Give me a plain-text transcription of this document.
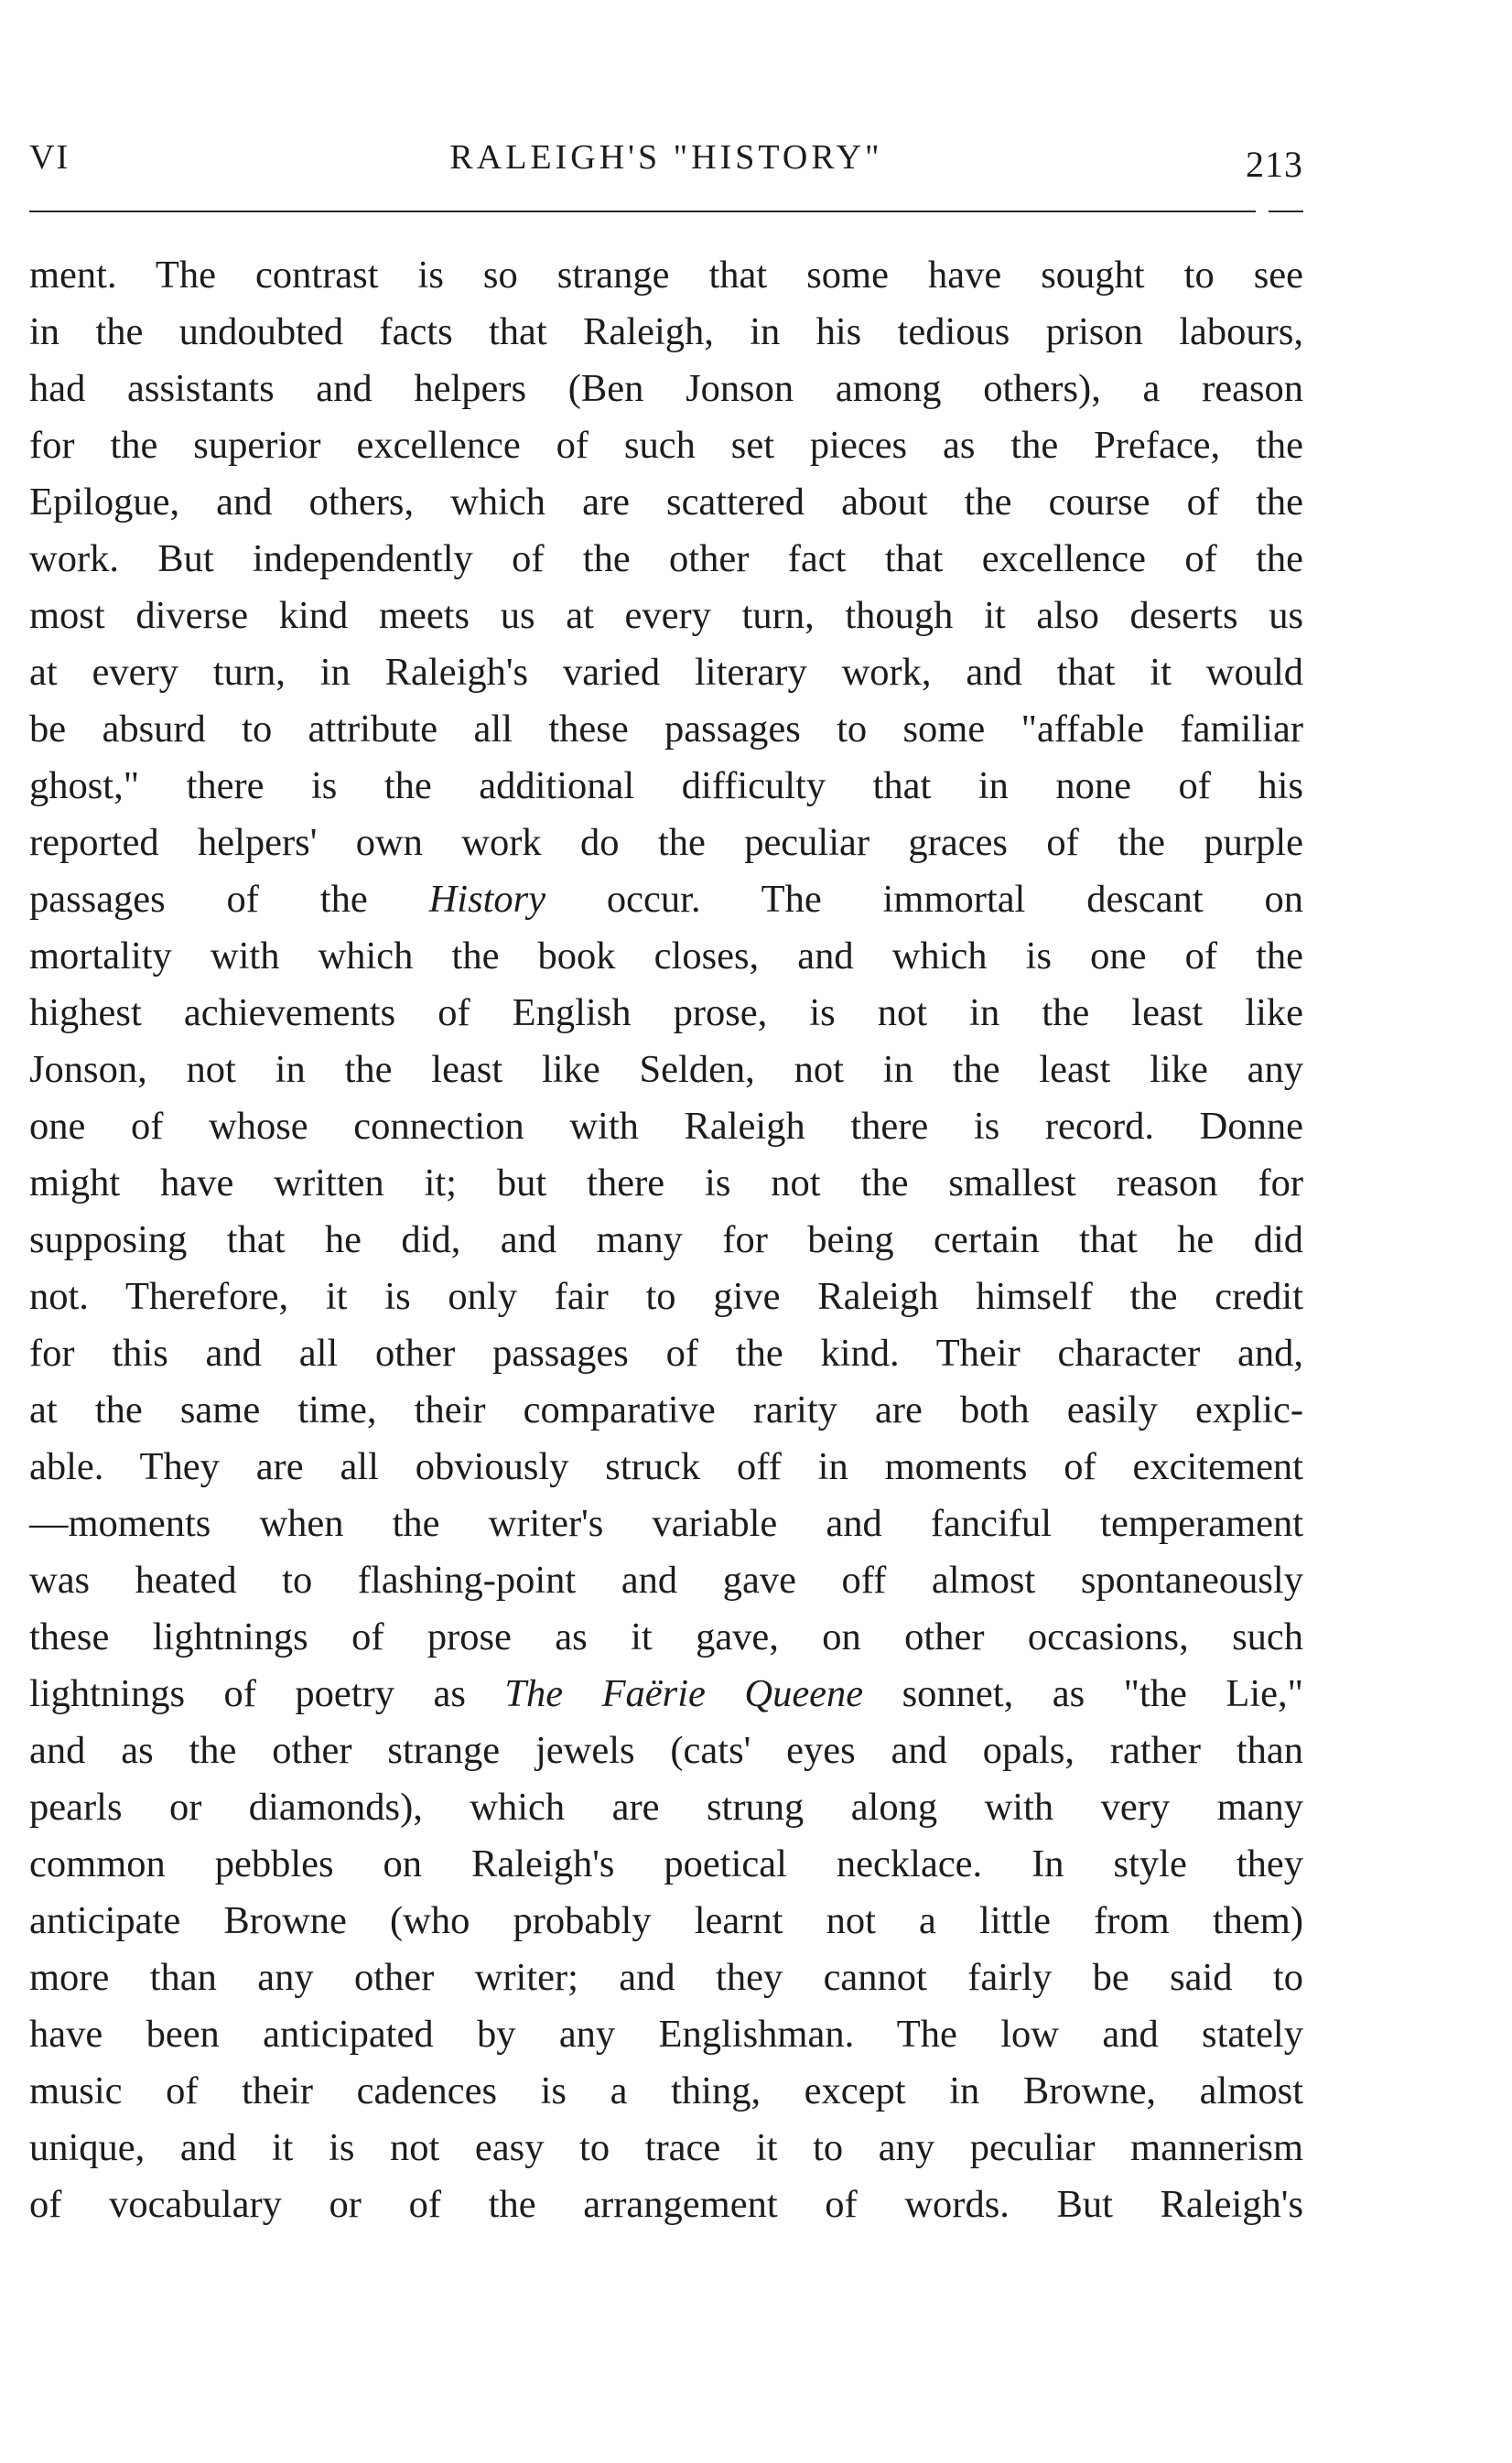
VI	RALEIGH'S "HISTORY"	213
ment. The contrast is so strange that some have sought to see
in the undoubted facts that Raleigh, in his tedious prison labours,
had assistants and helpers (Ben Jonson among others), a reason
for the superior excellence of such set pieces as the Preface, the
Epilogue, and others, which are scattered about the course of the
work. But independently of the other fact that excellence of the
most diverse kind meets us at every turn, though it also deserts us
at every turn, in Raleigh's varied literary work, and that it would
be absurd to attribute all these passages to some "affable familiar
ghost," there is the additional difficulty that in none of his
reported helpers' own work do the peculiar graces of the purple
passages of the History occur. The immortal descant on
mortality with which the book closes, and which is one of the
highest achievements of English prose, is not in the least like
Jonson, not in the least like Selden, not in the least like any
one of whose connection with Raleigh there is record. Donne
might have written it; but there is not the smallest reason for
supposing that he did, and many for being certain that he did
not. Therefore, it is only fair to give Raleigh himself the credit
for this and all other passages of the kind. Their character and,
at the same time, their comparative rarity are both easily explic-
able. They are all obviously struck off in moments of excitement
—moments when the writer's variable and fanciful temperament
was heated to flashing-point and gave off almost spontaneously
these lightnings of prose as it gave, on other occasions, such
lightnings of poetry as The Faërie Queene sonnet, as "the Lie,"
and as the other strange jewels (cats' eyes and opals, rather than
pearls or diamonds), which are strung along with very many
common pebbles on Raleigh's poetical necklace. In style they
anticipate Browne (who probably learnt not a little from them)
more than any other writer; and they cannot fairly be said to
have been anticipated by any Englishman. The low and stately
music of their cadences is a thing, except in Browne, almost
unique, and it is not easy to trace it to any peculiar mannerism
of vocabulary or of the arrangement of words. But Raleigh's
